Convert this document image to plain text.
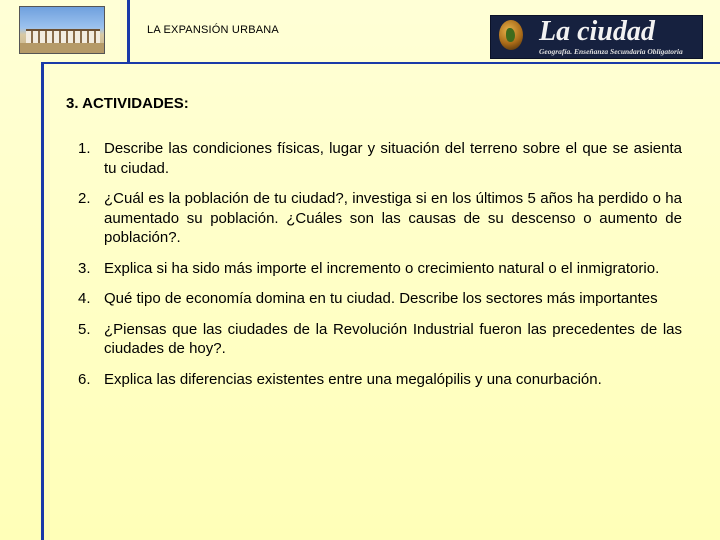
LA EXPANSIÓN URBANA	La ciudad
Geografía. Enseñanza Secundaria Obligatoria
3. ACTIVIDADES:
1. Describe las condiciones físicas, lugar y situación del terreno sobre el que se asienta tu ciudad.
2. ¿Cuál es la población de tu ciudad?, investiga si en los últimos 5 años ha perdido o ha aumentado su población. ¿Cuáles son las causas de su descenso o aumento de población?.
3. Explica si ha sido más importe el incremento o crecimiento natural o el inmigratorio.
4. Qué tipo de economía domina en tu ciudad. Describe los sectores más importantes
5. ¿Piensas que las ciudades de la Revolución Industrial fueron las precedentes de las ciudades de hoy?.
6. Explica las diferencias existentes entre una megalópilis y una conurbación.
